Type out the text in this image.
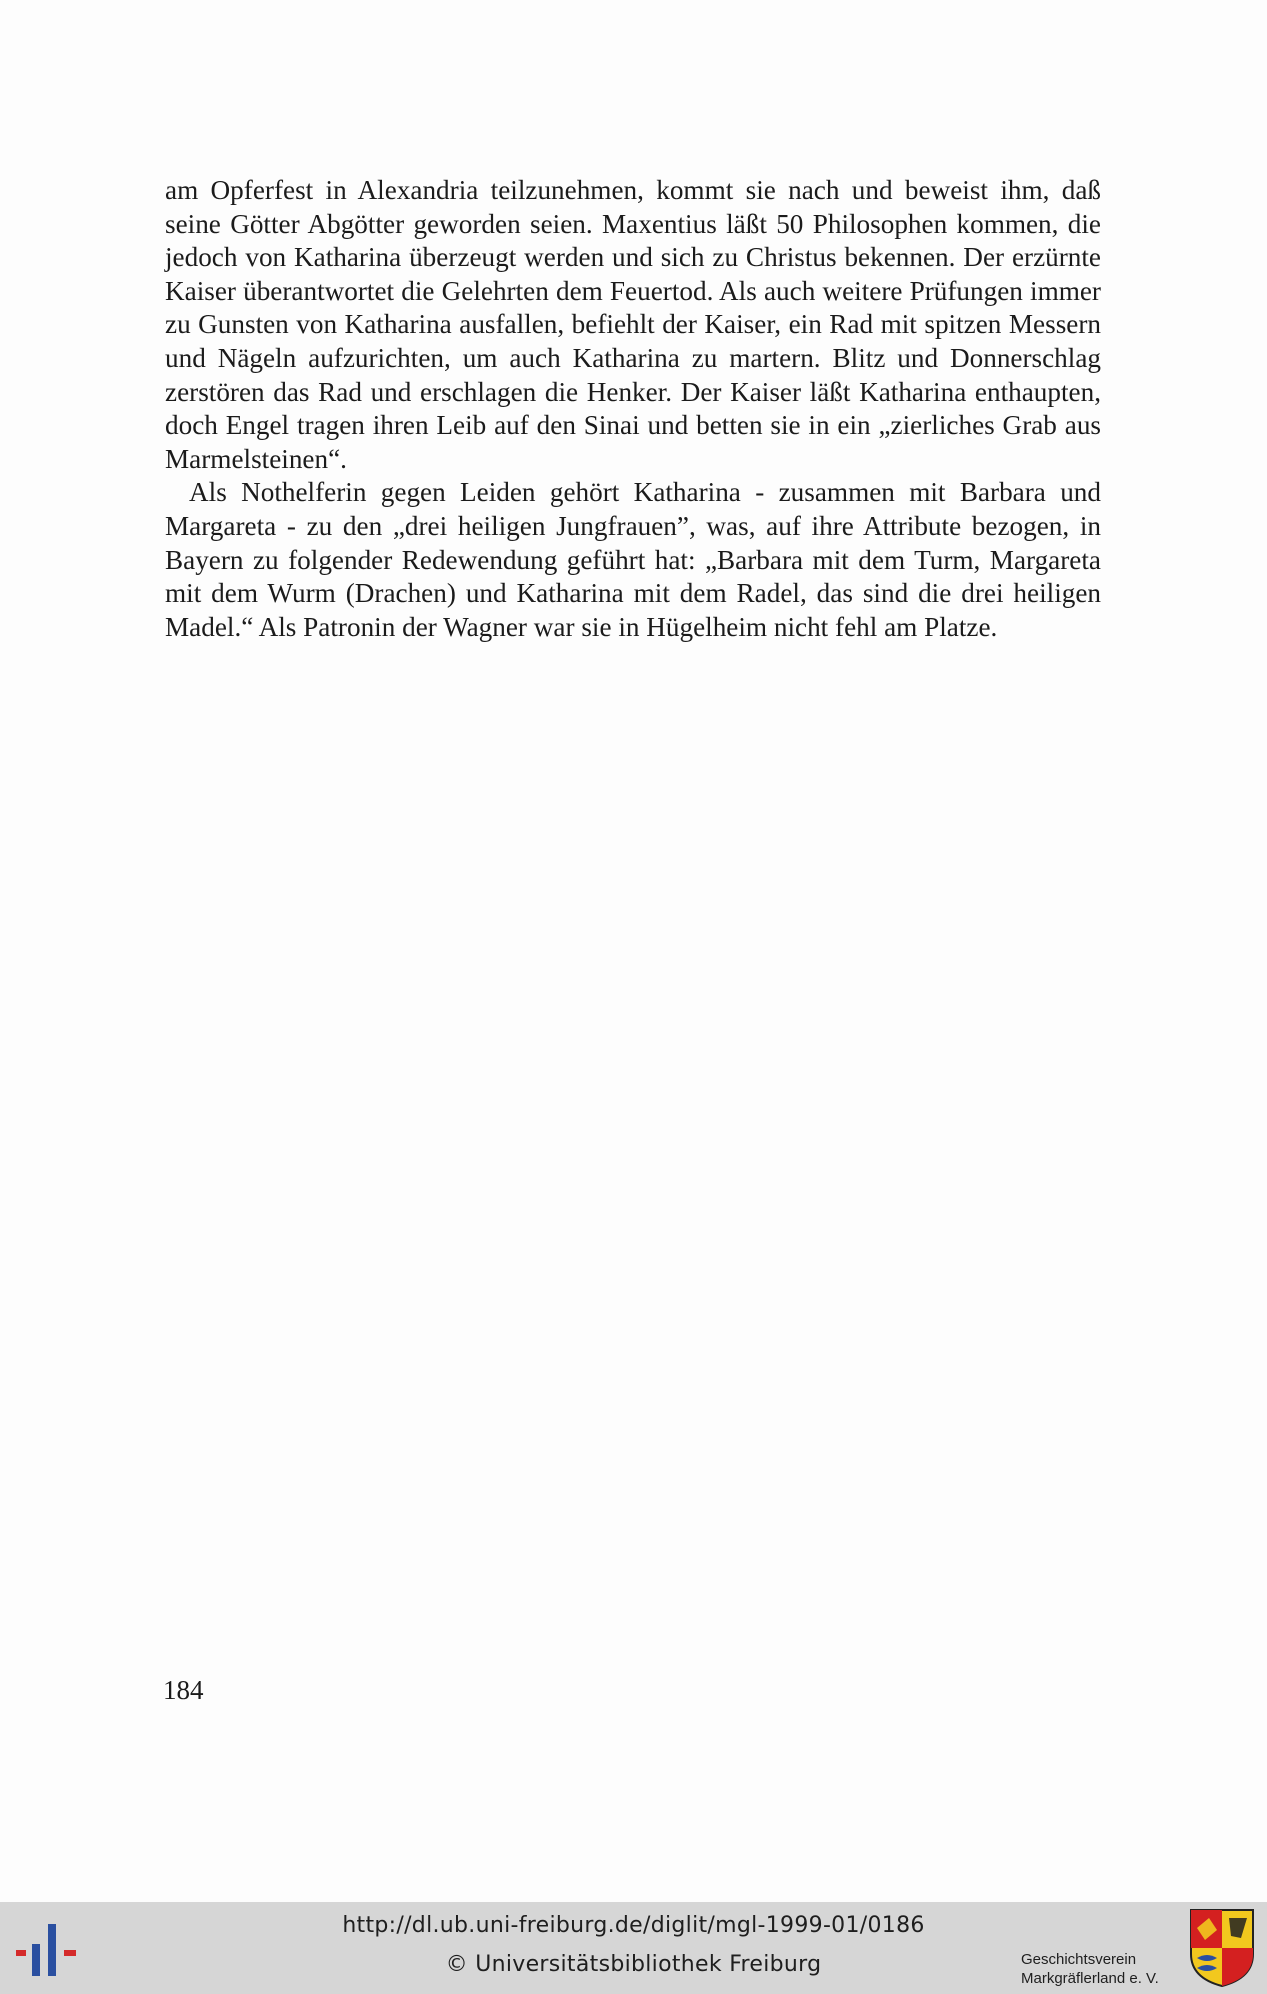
am Opferfest in Alexandria teilzunehmen, kommt sie nach und beweist ihm, daß seine Götter Abgötter geworden seien. Maxentius läßt 50 Philosophen kommen, die jedoch von Katharina überzeugt werden und sich zu Christus bekennen. Der erzürnte Kaiser überantwortet die Gelehrten dem Feuertod. Als auch weitere Prüfungen immer zu Gunsten von Katharina ausfallen, befiehlt der Kaiser, ein Rad mit spitzen Messern und Nägeln aufzurichten, um auch Katharina zu martern. Blitz und Donnerschlag zerstören das Rad und erschlagen die Henker. Der Kaiser läßt Katharina enthaupten, doch Engel tragen ihren Leib auf den Sinai und betten sie in ein „zierliches Grab aus Marmelsteinen“.

Als Nothelferin gegen Leiden gehört Katharina - zusammen mit Barbara und Margareta - zu den „drei heiligen Jungfrauen”, was, auf ihre Attribute bezogen, in Bayern zu folgender Redewendung geführt hat: „Barbara mit dem Turm, Margareta mit dem Wurm (Drachen) und Katharina mit dem Radel, das sind die drei heiligen Madel.“ Als Patronin der Wagner war sie in Hügelheim nicht fehl am Platze.

184
http://dl.ub.uni-freiburg.de/diglit/mgl-1999-01/0186
© Universitätsbibliothek Freiburg	Geschichtsverein
Markgräflerland e. V.
